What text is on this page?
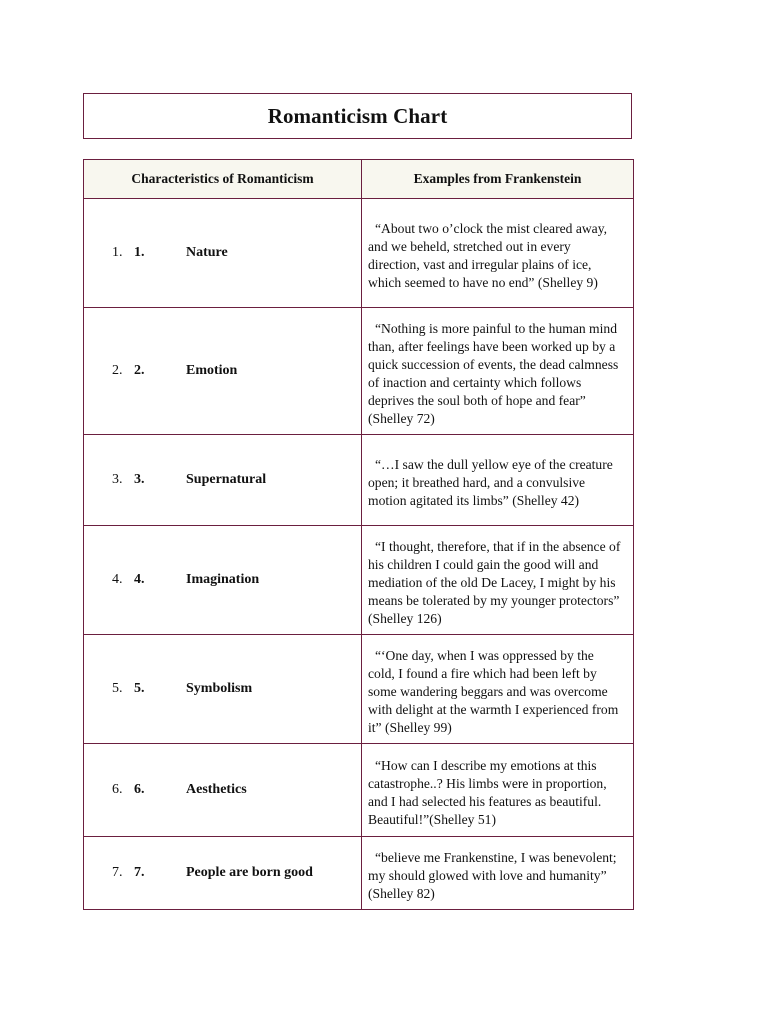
Romanticism Chart
Characteristics of Romanticism	Examples from Frankenstein
1. 1. Nature	“About two o’clock the mist cleared away, and we beheld, stretched out in every direction, vast and irregular plains of ice, which seemed to have no end” (Shelley 9)
2. 2. Emotion	“Nothing is more painful to the human mind than, after feelings have been worked up by a quick succession of events, the dead calmness of inaction and certainty which follows deprives the soul both of hope and fear” (Shelley 72)
3. 3. Supernatural	“…I saw the dull yellow eye of the creature open; it breathed hard, and a convulsive motion agitated its limbs” (Shelley 42)
4. 4. Imagination	“I thought, therefore, that if in the absence of his children I could gain the good will and mediation of the old De Lacey, I might by his means be tolerated by my younger protectors” (Shelley 126)
5. 5. Symbolism	“‘One day, when I was oppressed by the cold, I found a fire which had been left by some wandering beggars and was overcome with delight at the warmth I experienced from it” (Shelley 99)
6. 6. Aesthetics	“How can I describe my emotions at this catastrophe..? His limbs were in proportion, and I had selected his features as beautiful. Beautiful!”(Shelley 51)
7. 7. People are born good	“believe me Frankenstine, I was benevolent; my should glowed with love and humanity” (Shelley 82)
